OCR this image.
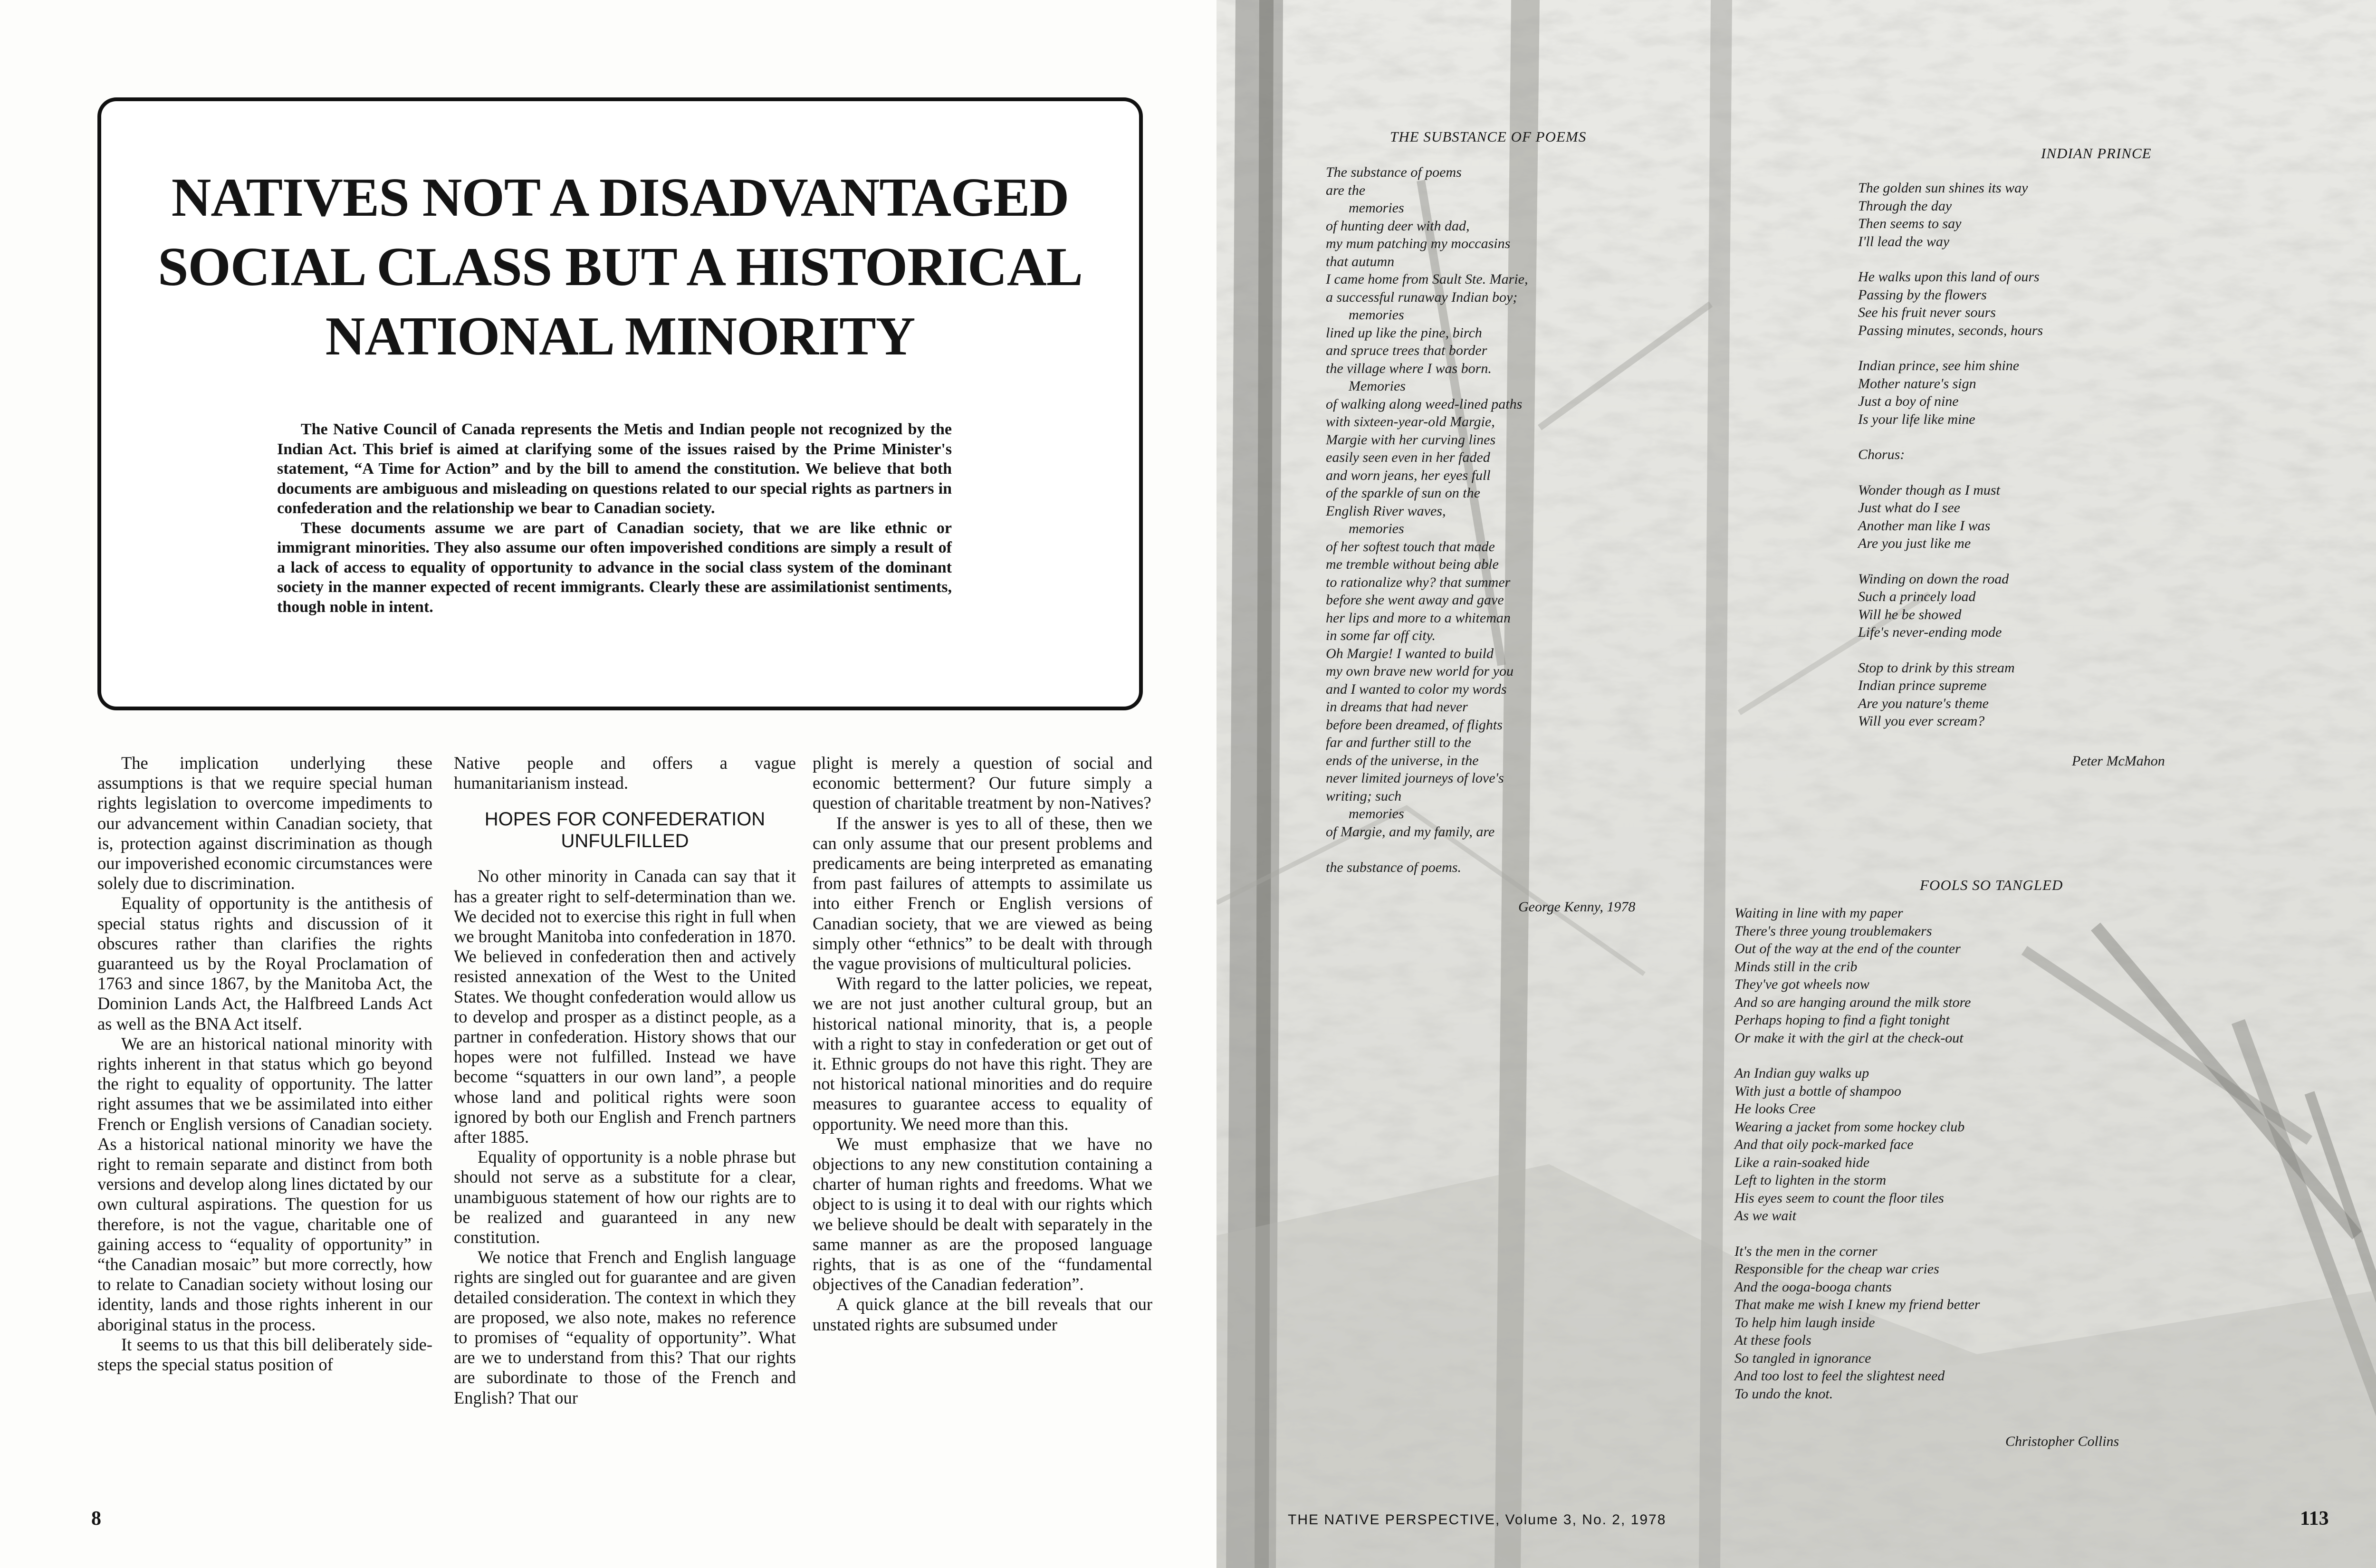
NATIVES NOT A DISADVANTAGED
SOCIAL CLASS BUT A HISTORICAL
NATIONAL MINORITY

The Native Council of Canada represents the Metis and Indian people not recognized by the Indian Act. This brief is aimed at clarifying some of the issues raised by the Prime Minister's statement, “A Time for Action” and by the bill to amend the constitution. We believe that both documents are ambiguous and misleading on questions related to our special rights as partners in confederation and the relationship we bear to Canadian society.

These documents assume we are part of Canadian society, that we are like ethnic or immigrant minorities. They also assume our often impoverished conditions are simply a result of a lack of access to equality of opportunity to advance in the social class system of the dominant society in the manner expected of recent immigrants. Clearly these are assimilationist sentiments, though noble in intent.

The implication underlying these assumptions is that we require special human rights legislation to overcome impediments to our advancement within Canadian society, that is, protection against discrimination as though our impoverished economic circumstances were solely due to discrimination.

Equality of opportunity is the antithesis of special status rights and discussion of it obscures rather than clarifies the rights guaranteed us by the Royal Proclamation of 1763 and since 1867, by the Manitoba Act, the Dominion Lands Act, the Halfbreed Lands Act as well as the BNA Act itself.

We are an historical national minority with rights inherent in that status which go beyond the right to equality of opportunity. The latter right assumes that we be assimilated into either French or English versions of Canadian society. As a historical national minority we have the right to remain separate and distinct from both versions and develop along lines dictated by our own cultural aspirations. The question for us therefore, is not the vague, charitable one of gaining access to “equality of opportunity” in “the Canadian mosaic” but more correctly, how to relate to Canadian society without losing our identity, lands and those rights inherent in our aboriginal status in the process.

It seems to us that this bill deliberately side-steps the special status position of

Native people and offers a vague humanitarianism instead.

HOPES FOR CONFEDERATION
UNFULFILLED

No other minority in Canada can say that it has a greater right to self-determination than we. We decided not to exercise this right in full when we brought Manitoba into confederation in 1870. We believed in confederation then and actively resisted annexation of the West to the United States. We thought confederation would allow us to develop and prosper as a distinct people, as a partner in confederation. History shows that our hopes were not fulfilled. Instead we have become “squatters in our own land”, a people whose land and political rights were soon ignored by both our English and French partners after 1885.

Equality of opportunity is a noble phrase but should not serve as a substitute for a clear, unambiguous statement of how our rights are to be realized and guaranteed in any new constitution.

We notice that French and English language rights are singled out for guarantee and are given detailed consideration. The context in which they are proposed, we also note, makes no reference to promises of “equality of opportunity”. What are we to understand from this? That our rights are subordinate to those of the French and English? That our

plight is merely a question of social and economic betterment? Our future simply a question of charitable treatment by non-Natives?

If the answer is yes to all of these, then we can only assume that our present problems and predicaments are being interpreted as emanating from past failures of attempts to assimilate us into either French or English versions of Canadian society, that we are viewed as being simply other “ethnics” to be dealt with through the vague provisions of multicultural policies.

With regard to the latter policies, we repeat, we are not just another cultural group, but an historical national minority, that is, a people with a right to stay in confederation or get out of it. Ethnic groups do not have this right. They are not historical national minorities and do require measures to guarantee access to equality of opportunity. We need more than this.

We must emphasize that we have no objections to any new constitution containing a charter of human rights and freedoms. What we object to is using it to deal with our rights which we believe should be dealt with separately in the same manner as are the proposed language rights, that is as one of the “fundamental objectives of the Canadian federation”.

A quick glance at the bill reveals that our unstated rights are subsumed under

8
THE SUBSTANCE OF POEMS
The substance of poems
are the
memories
of hunting deer with dad,
my mum patching my moccasins
that autumn
I came home from Sault Ste. Marie,
a successful runaway Indian boy;
memories
lined up like the pine, birch
and spruce trees that border
the village where I was born.
Memories
of walking along weed-lined paths
with sixteen-year-old Margie,
Margie with her curving lines
easily seen even in her faded
and worn jeans, her eyes full
of the sparkle of sun on the
English River waves,
memories
of her softest touch that made
me tremble without being able
to rationalize why? that summer
before she went away and gave
her lips and more to a whiteman
in some far off city.
Oh Margie! I wanted to build
my own brave new world for you
and I wanted to color my words
in dreams that had never
before been dreamed, of flights
far and further still to the
ends of the universe, in the
never limited journeys of love's
writing; such
memories
of Margie, and my family, are

the substance of poems.
George Kenny, 1978
INDIAN PRINCE
The golden sun shines its way
Through the day
Then seems to say
I'll lead the way
He walks upon this land of ours
Passing by the flowers
See his fruit never sours
Passing minutes, seconds, hours
Indian prince, see him shine
Mother nature's sign
Just a boy of nine
Is your life like mine
Chorus:
Wonder though as I must
Just what do I see
Another man like I was
Are you just like me
Winding on down the road
Such a princely load
Will he be showed
Life's never-ending mode
Stop to drink by this stream
Indian prince supreme
Are you nature's theme
Will you ever scream?
Peter McMahon
FOOLS SO TANGLED
Waiting in line with my paper
There's three young troublemakers
Out of the way at the end of the counter
Minds still in the crib
They've got wheels now
And so are hanging around the milk store
Perhaps hoping to find a fight tonight
Or make it with the girl at the check-out
An Indian guy walks up
With just a bottle of shampoo
He looks Cree
Wearing a jacket from some hockey club
And that oily pock-marked face
Like a rain-soaked hide
Left to lighten in the storm
His eyes seem to count the floor tiles
As we wait
It's the men in the corner
Responsible for the cheap war cries
And the ooga-booga chants
That make me wish I knew my friend better
To help him laugh inside
At these fools
So tangled in ignorance
And too lost to feel the slightest need
To undo the knot.
Christopher Collins
THE NATIVE PERSPECTIVE, Volume 3, No. 2, 1978	113
